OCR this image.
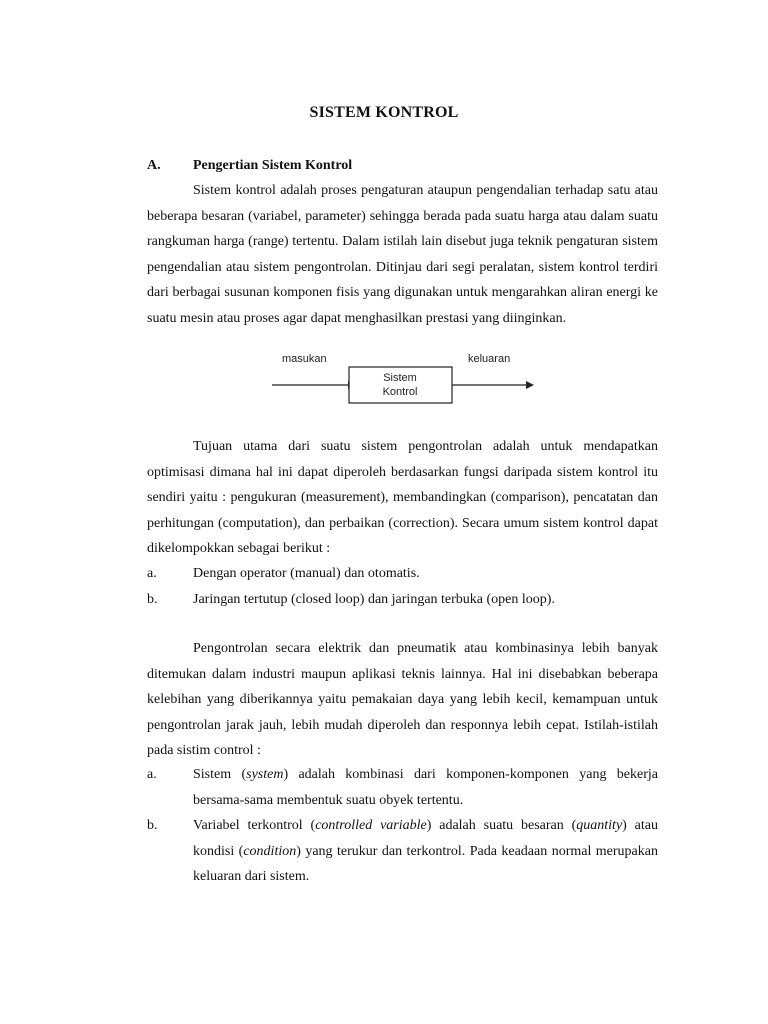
SISTEM KONTROL
A. Pengertian Sistem Kontrol

Sistem kontrol adalah proses pengaturan ataupun pengendalian terhadap satu atau beberapa besaran (variabel, parameter) sehingga berada pada suatu harga atau dalam suatu rangkuman harga (range) tertentu. Dalam istilah lain disebut juga teknik pengaturan sistem pengendalian atau sistem pengontrolan. Ditinjau dari segi peralatan, sistem kontrol terdiri dari berbagai susunan komponen fisis yang digunakan untuk mengarahkan aliran energi ke suatu mesin atau proses agar dapat menghasilkan prestasi yang diinginkan.

masukan	keluaran
Sistem
Kontrol

Tujuan utama dari suatu sistem pengontrolan adalah untuk mendapatkan optimisasi dimana hal ini dapat diperoleh berdasarkan fungsi daripada sistem kontrol itu sendiri yaitu : pengukuran (measurement), membandingkan (comparison), pencatatan dan perhitungan (computation), dan perbaikan (correction). Secara umum sistem kontrol dapat dikelompokkan sebagai berikut :

a.	Dengan operator (manual) dan otomatis.
b.	Jaringan tertutup (closed loop) dan jaringan terbuka (open loop).

Pengontrolan secara elektrik dan pneumatik atau kombinasinya lebih banyak ditemukan dalam industri maupun aplikasi teknis lainnya. Hal ini disebabkan beberapa kelebihan yang diberikannya yaitu pemakaian daya yang lebih kecil, kemampuan untuk pengontrolan jarak jauh, lebih mudah diperoleh dan responnya lebih cepat. Istilah-istilah pada sistim control :

a.	Sistem (system) adalah kombinasi dari komponen-komponen yang bekerja bersama-sama membentuk suatu obyek tertentu.
b.	Variabel terkontrol (controlled variable) adalah suatu besaran (quantity) atau kondisi (condition) yang terukur dan terkontrol. Pada keadaan normal merupakan keluaran dari sistem.
